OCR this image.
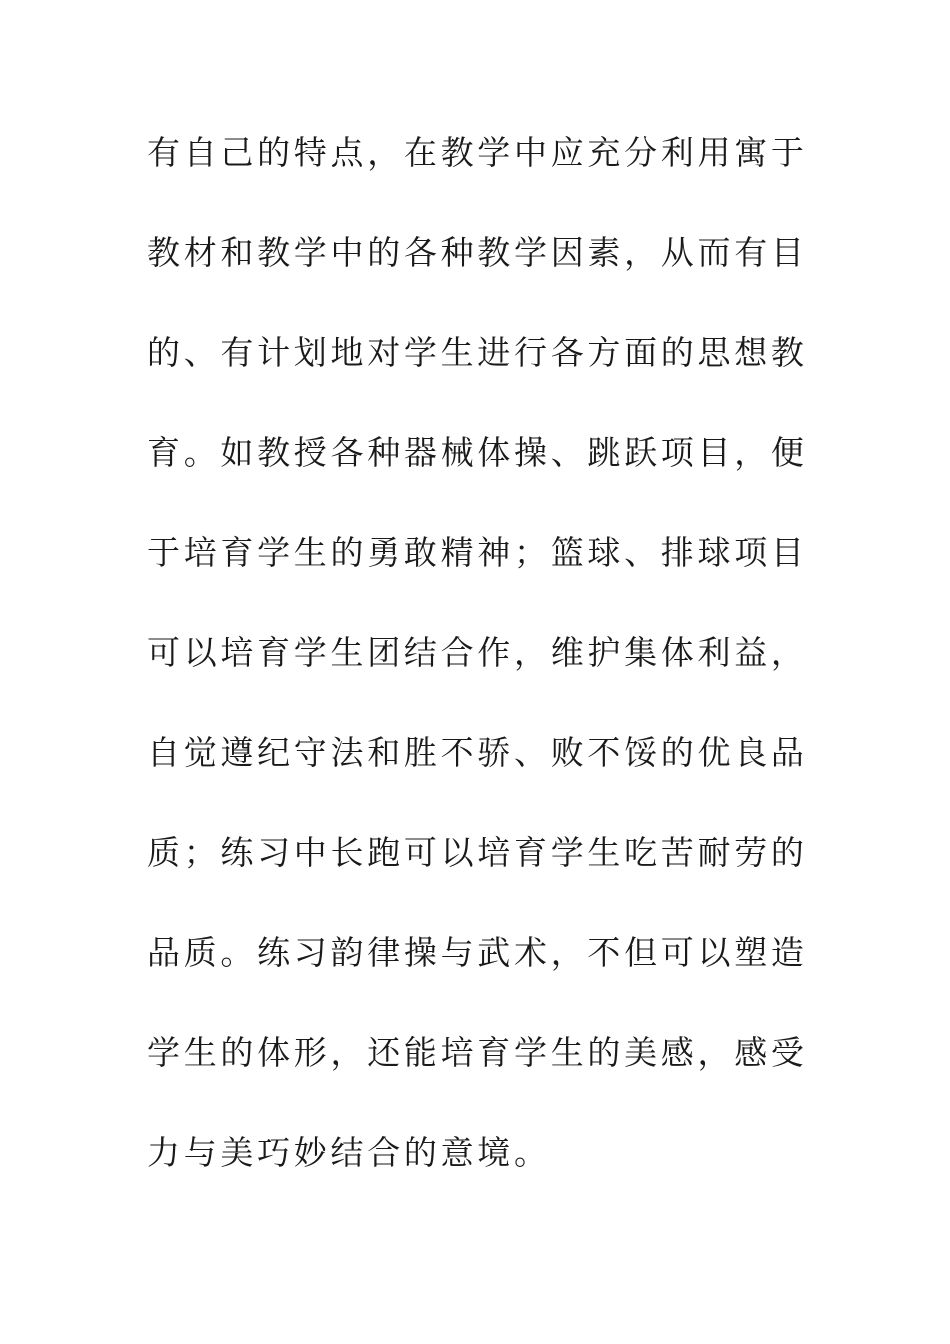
有自己的特点，在教学中应充分利用寓于
教材和教学中的各种教学因素，从而有目
的、有计划地对学生进行各方面的思想教
育。如教授各种器械体操、跳跃项目，便
于培育学生的勇敢精神；篮球、排球项目
可以培育学生团结合作，维护集体利益，
自觉遵纪守法和胜不骄、败不馁的优良品
质；练习中长跑可以培育学生吃苦耐劳的
品质。练习韵律操与武术，不但可以塑造
学生的体形，还能培育学生的美感，感受
力与美巧妙结合的意境。
